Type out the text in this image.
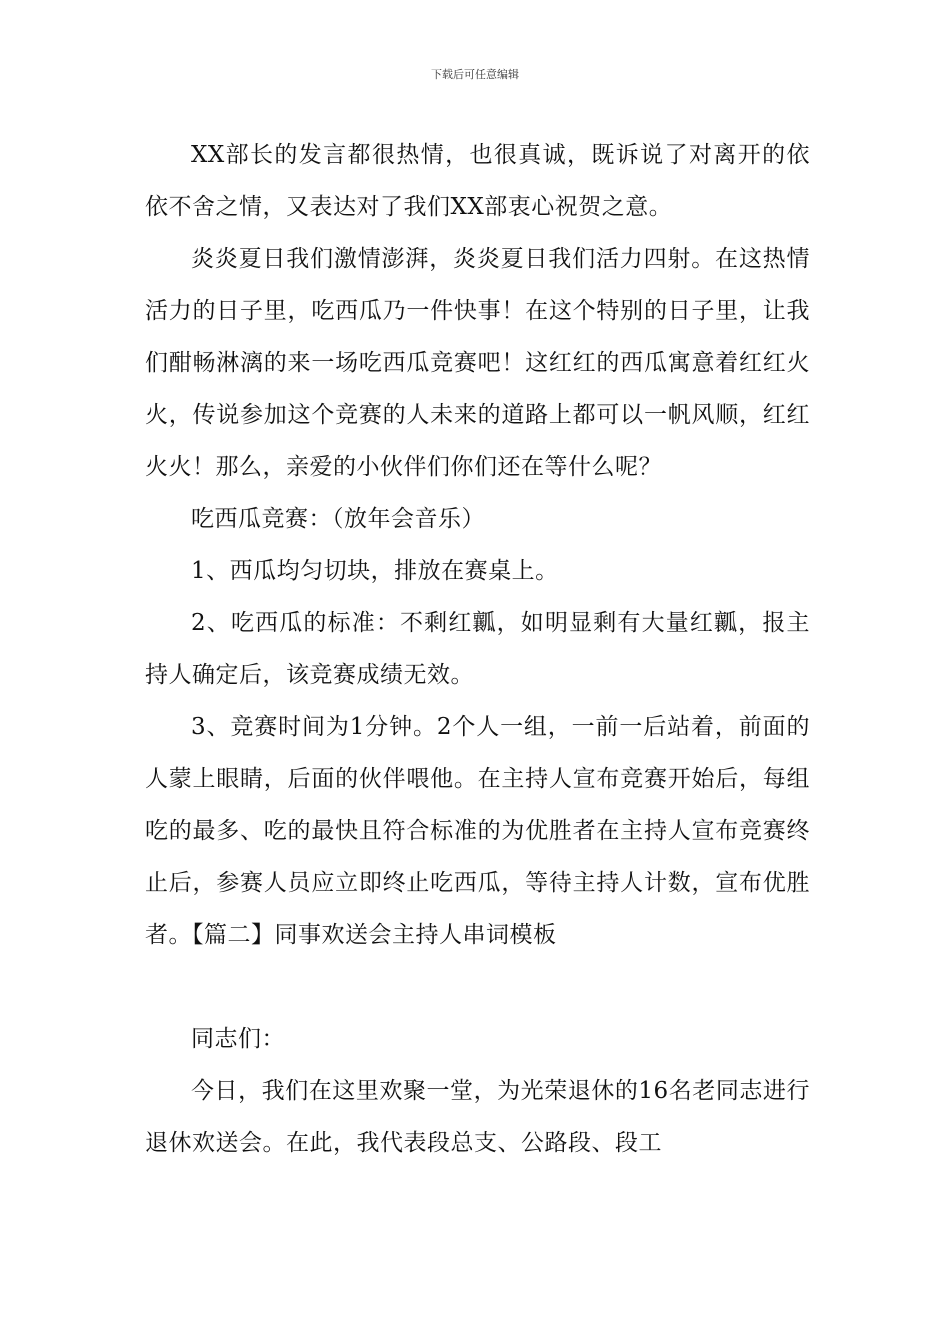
下载后可任意编辑

XX部长的发言都很热情，也很真诚，既诉说了对离开的依依不舍之情，又表达对了我们XX部衷心祝贺之意。

炎炎夏日我们激情澎湃，炎炎夏日我们活力四射。在这热情活力的日子里，吃西瓜乃一件快事！在这个特别的日子里，让我们酣畅淋漓的来一场吃西瓜竞赛吧！这红红的西瓜寓意着红红火火，传说参加这个竞赛的人未来的道路上都可以一帆风顺，红红火火！那么，亲爱的小伙伴们你们还在等什么呢？

吃西瓜竞赛：（放年会音乐）

1、西瓜均匀切块，排放在赛桌上。

2、吃西瓜的标准：不剩红瓤，如明显剩有大量红瓤，报主持人确定后，该竞赛成绩无效。

3、竞赛时间为1分钟。2个人一组，一前一后站着，前面的人蒙上眼睛，后面的伙伴喂他。在主持人宣布竞赛开始后，每组吃的最多、吃的最快且符合标准的为优胜者在主持人宣布竞赛终止后，参赛人员应立即终止吃西瓜，等待主持人计数，宣布优胜者。【篇二】同事欢送会主持人串词模板

同志们：

今日，我们在这里欢聚一堂，为光荣退休的16名老同志进行退休欢送会。在此，我代表段总支、公路段、段工
